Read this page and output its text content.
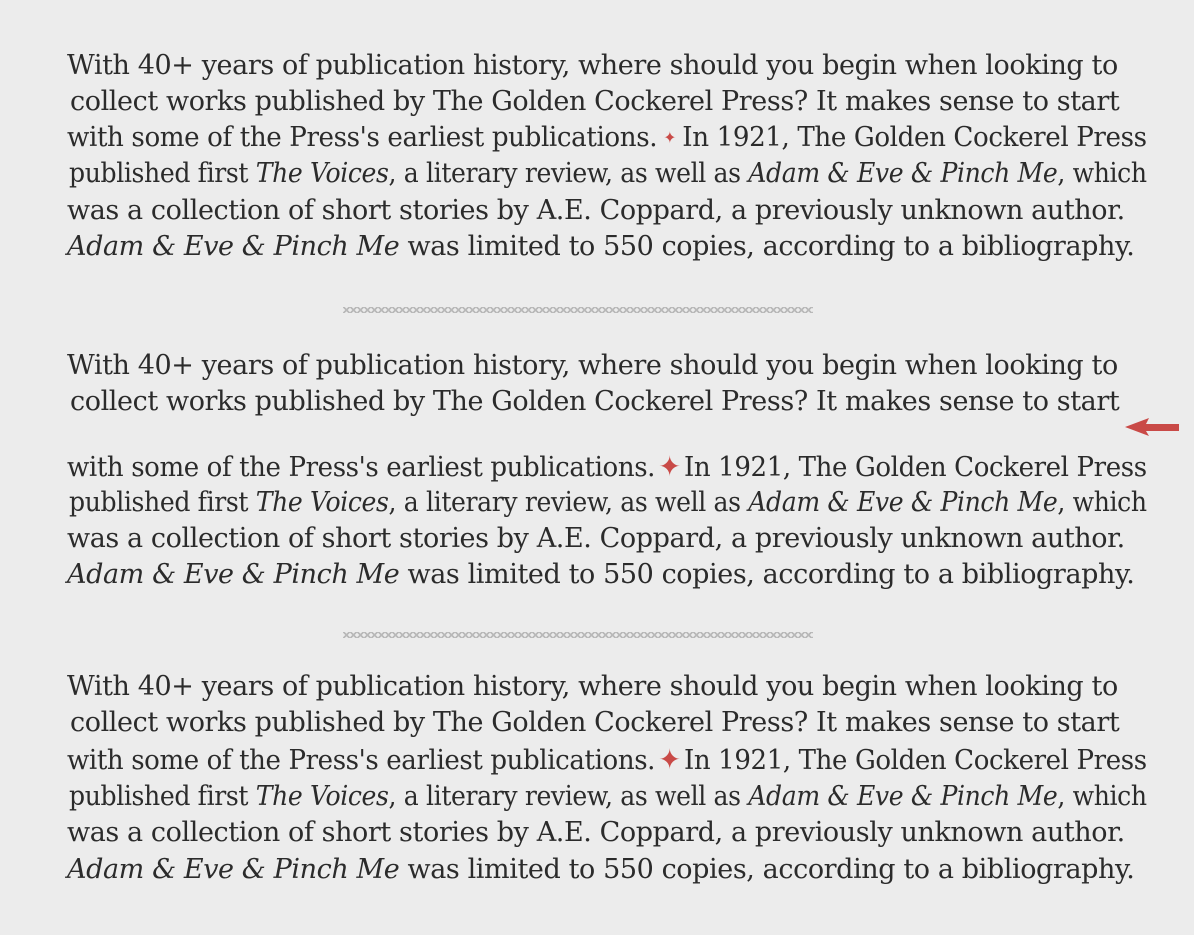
With 40+ years of publication history, where should you begin when looking to
collect works published by The Golden Cockerel Press? It makes sense to start
with some of the Press's earliest publications. ✦ In 1921, The Golden Cockerel Press
published first The Voices, a literary review, as well as Adam & Eve & Pinch Me, which
was a collection of short stories by A.E. Coppard, a previously unknown author.
Adam & Eve & Pinch Me was limited to 550 copies, according to a bibliography.
With 40+ years of publication history, where should you begin when looking to
collect works published by The Golden Cockerel Press? It makes sense to start
with some of the Press's earliest publications. ✦ In 1921, The Golden Cockerel Press
published first The Voices, a literary review, as well as Adam & Eve & Pinch Me, which
was a collection of short stories by A.E. Coppard, a previously unknown author.
Adam & Eve & Pinch Me was limited to 550 copies, according to a bibliography.
With 40+ years of publication history, where should you begin when looking to
collect works published by The Golden Cockerel Press? It makes sense to start
with some of the Press's earliest publications. ✦ In 1921, The Golden Cockerel Press
published first The Voices, a literary review, as well as Adam & Eve & Pinch Me, which
was a collection of short stories by A.E. Coppard, a previously unknown author.
Adam & Eve & Pinch Me was limited to 550 copies, according to a bibliography.
